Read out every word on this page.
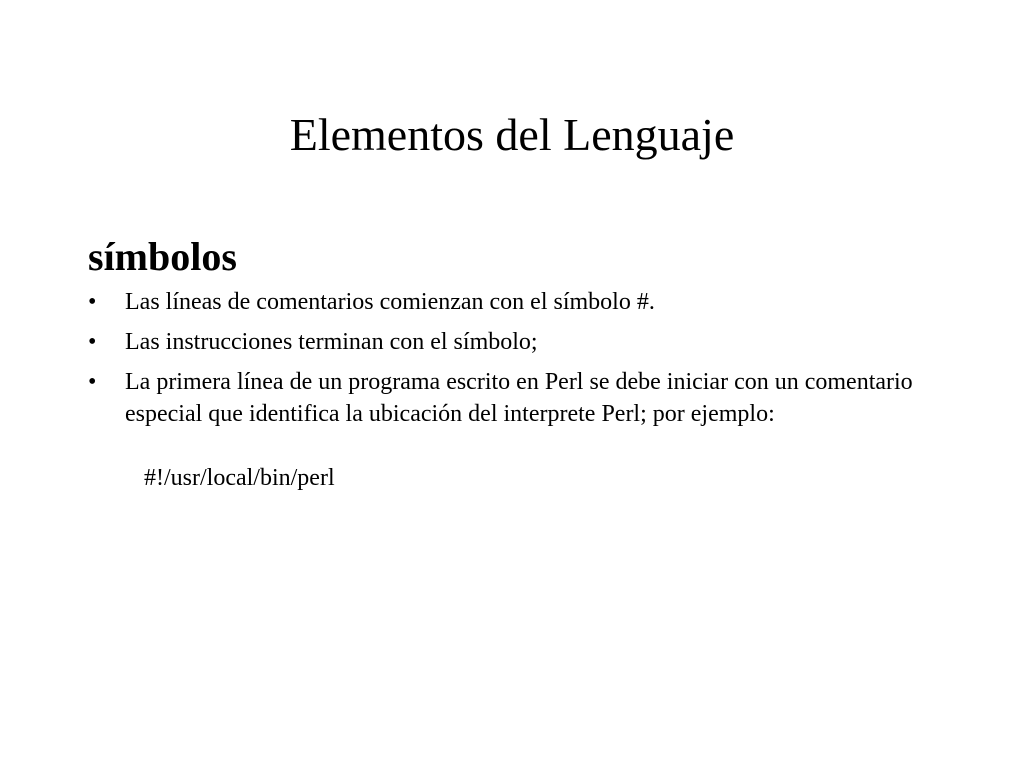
Elementos del Lenguaje
símbolos
•	Las líneas de comentarios comienzan con el símbolo #.
•	Las instrucciones terminan con el símbolo;
•	La primera línea de un programa escrito en Perl se debe iniciar con un comentario especial que identifica la ubicación del interprete Perl; por ejemplo:
#!/usr/local/bin/perl
